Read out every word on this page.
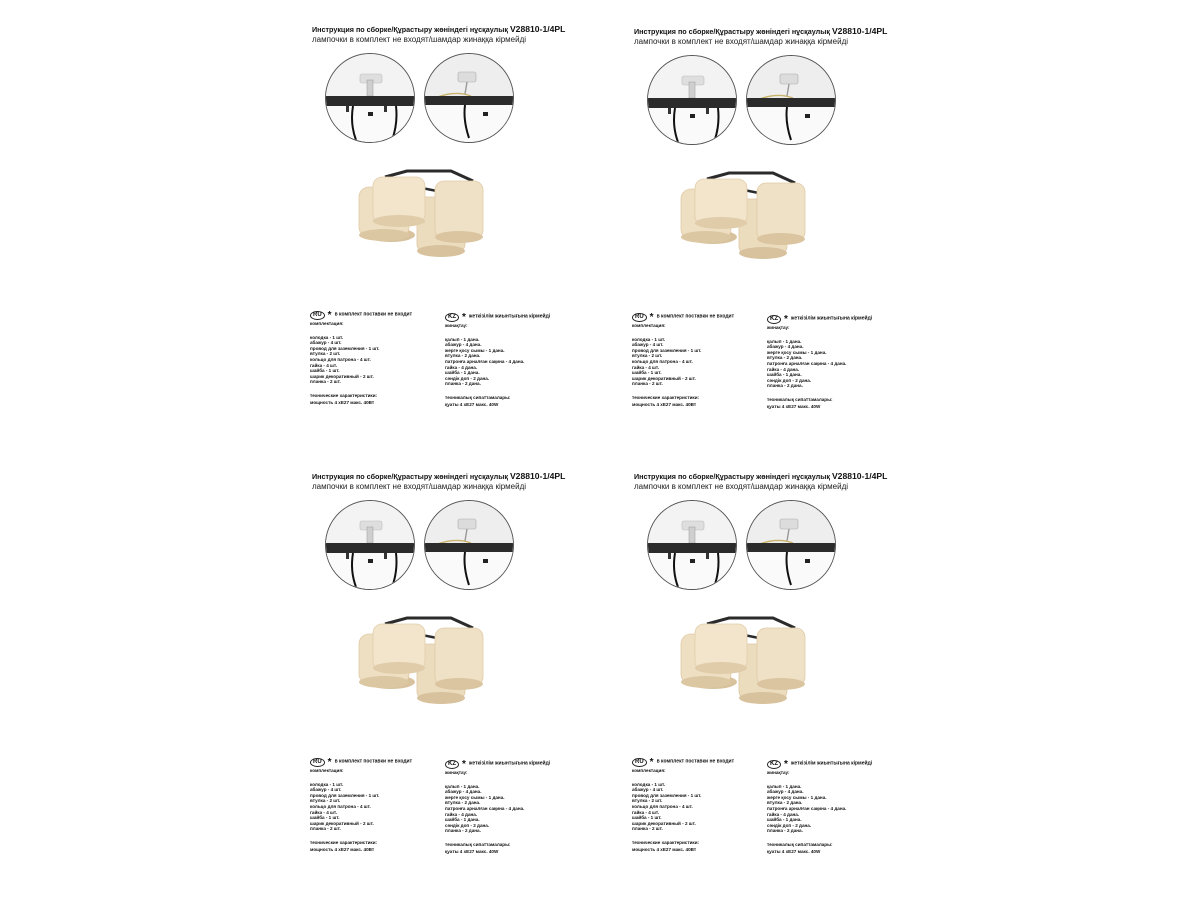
Инструкция по сборке/Құрастыру жөніндегі нұсқаулық V28810-1/4PL
лампочки в комплект не входят/шамдар жинаққа кірмейді
RU * в комплект поставки не входит
комплектация:
колодка - 1 шт.
абажур - 4 шт.
провод для заземления - 1 шт.
втулка - 2 шт.
кольцо для патрона - 4 шт.
гайка - 4 шт.
шайба - 1 шт.
шарик декоративный - 2 шт.
планка - 2 шт.
технические характеристики:
мощность 4 хЕ27 макс. 40Вт
KZ * жеткізілім жиынтығына кірмейді
жинақтау:
қалып - 1 дана.
абажур - 4 дана.
жерге қосу сымы - 1 дана.
втулка - 2 дана.
патронға арналған сақина - 4 дана.
гайка - 4 дана.
шайба - 1 дана.
сәндік доп - 2 дана.
планка - 2 дана.
техникалық сипаттамалары:
қуаты 4 хЕ27 макс. 40W
Инструкция по сборке/Құрастыру жөніндегі нұсқаулық V28810-1/4PL
лампочки в комплект не входят/шамдар жинаққа кірмейді
RU * в комплект поставки не входит
комплектация:
колодка - 1 шт.
абажур - 4 шт.
провод для заземления - 1 шт.
втулка - 2 шт.
кольцо для патрона - 4 шт.
гайка - 4 шт.
шайба - 1 шт.
шарик декоративный - 2 шт.
планка - 2 шт.
технические характеристики:
мощность 4 хЕ27 макс. 40Вт
KZ * жеткізілім жиынтығына кірмейді
жинақтау:
қалып - 1 дана.
абажур - 4 дана.
жерге қосу сымы - 1 дана.
втулка - 2 дана.
патронға арналған сақина - 4 дана.
гайка - 4 дана.
шайба - 1 дана.
сәндік доп - 2 дана.
планка - 2 дана.
техникалық сипаттамалары:
қуаты 4 хЕ27 макс. 40W
Инструкция по сборке/Құрастыру жөніндегі нұсқаулық V28810-1/4PL
лампочки в комплект не входят/шамдар жинаққа кірмейді
RU * в комплект поставки не входит
комплектация:
колодка - 1 шт.
абажур - 4 шт.
провод для заземления - 1 шт.
втулка - 2 шт.
кольцо для патрона - 4 шт.
гайка - 4 шт.
шайба - 1 шт.
шарик декоративный - 2 шт.
планка - 2 шт.
технические характеристики:
мощность 4 хЕ27 макс. 40Вт
KZ * жеткізілім жиынтығына кірмейді
жинақтау:
қалып - 1 дана.
абажур - 4 дана.
жерге қосу сымы - 1 дана.
втулка - 2 дана.
патронға арналған сақина - 4 дана.
гайка - 4 дана.
шайба - 1 дана.
сәндік доп - 2 дана.
планка - 2 дана.
техникалық сипаттамалары:
қуаты 4 хЕ27 макс. 40W
Инструкция по сборке/Құрастыру жөніндегі нұсқаулық V28810-1/4PL
лампочки в комплект не входят/шамдар жинаққа кірмейді
RU * в комплект поставки не входит
комплектация:
колодка - 1 шт.
абажур - 4 шт.
провод для заземления - 1 шт.
втулка - 2 шт.
кольцо для патрона - 4 шт.
гайка - 4 шт.
шайба - 1 шт.
шарик декоративный - 2 шт.
планка - 2 шт.
технические характеристики:
мощность 4 хЕ27 макс. 40Вт
KZ * жеткізілім жиынтығына кірмейді
жинақтау:
қалып - 1 дана.
абажур - 4 дана.
жерге қосу сымы - 1 дана.
втулка - 2 дана.
патронға арналған сақина - 4 дана.
гайка - 4 дана.
шайба - 1 дана.
сәндік доп - 2 дана.
планка - 2 дана.
техникалық сипаттамалары:
қуаты 4 хЕ27 макс. 40W
